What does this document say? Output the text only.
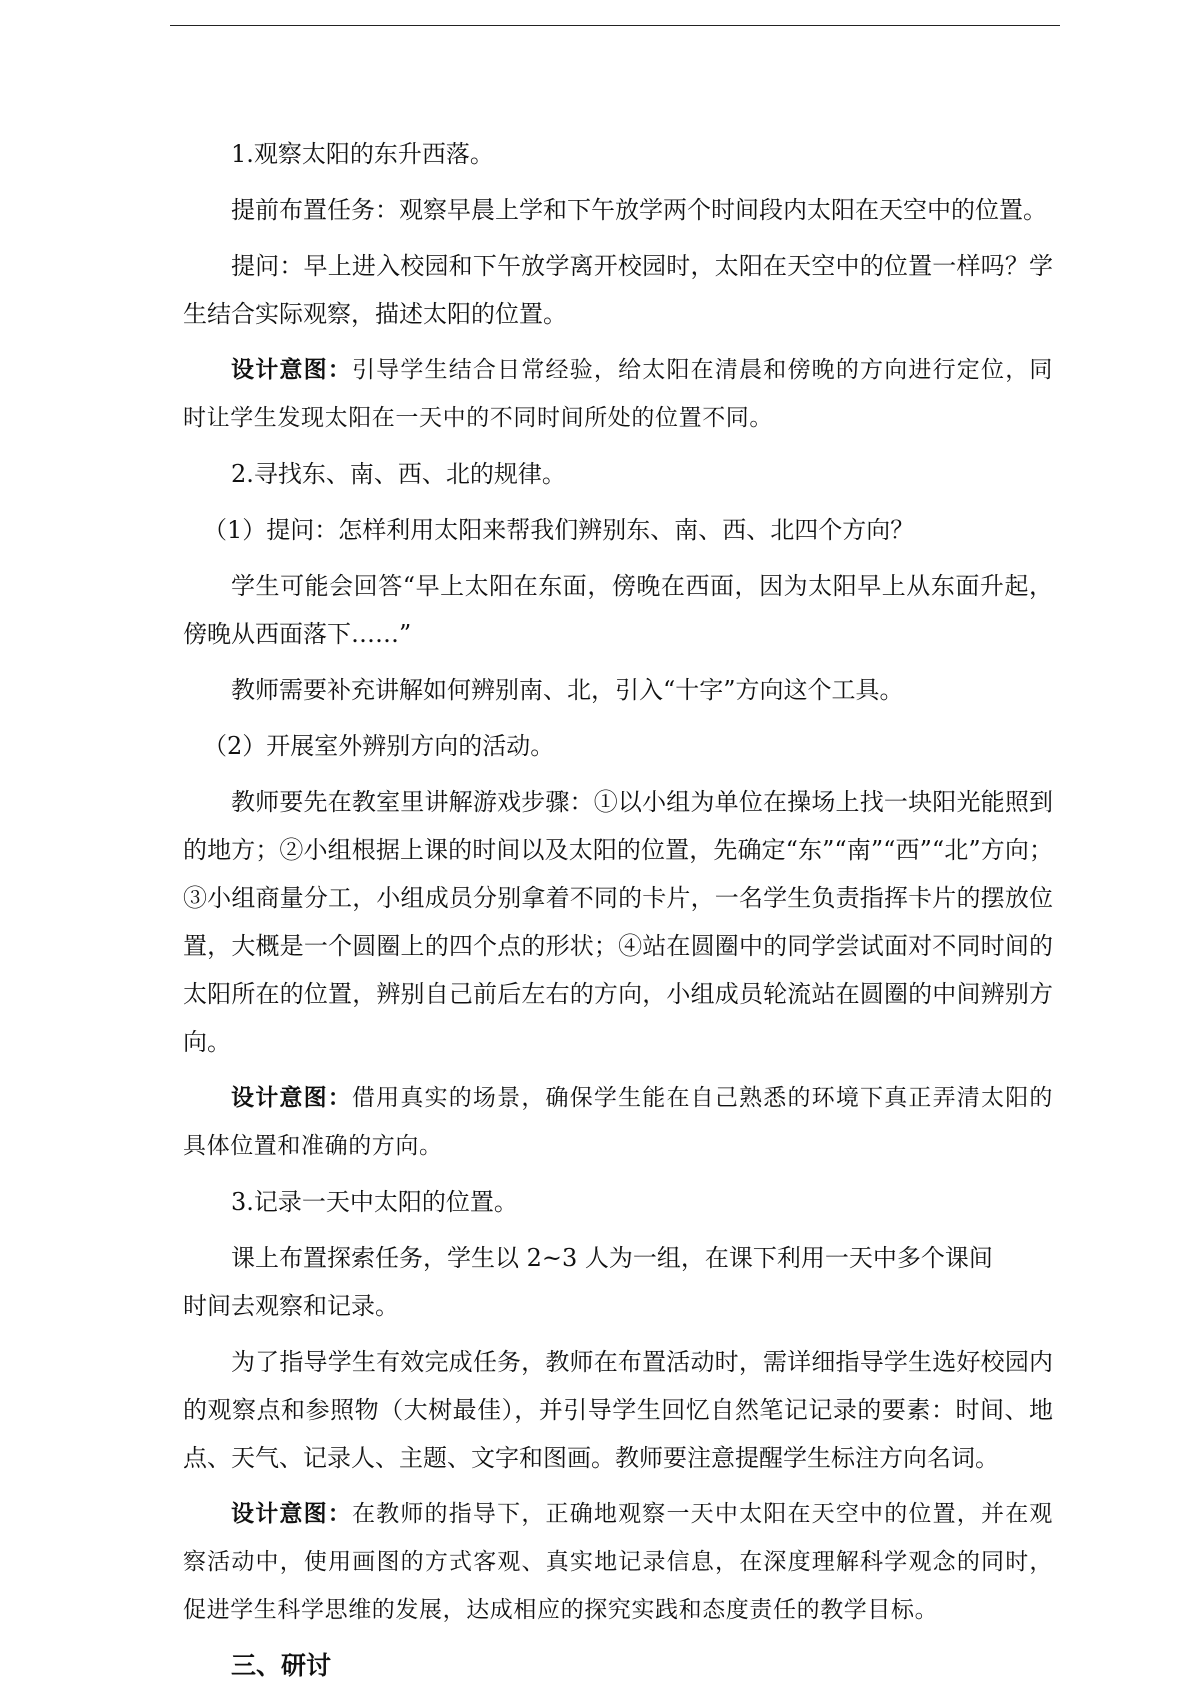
1.观察太阳的东升西落。

提前布置任务：观察早晨上学和下午放学两个时间段内太阳在天空中的位置。

提问：早上进入校园和下午放学离开校园时，太阳在天空中的位置一样吗？学生结合实际观察，描述太阳的位置。

设计意图：引导学生结合日常经验，给太阳在清晨和傍晚的方向进行定位，同时让学生发现太阳在一天中的不同时间所处的位置不同。

2.寻找东、南、西、北的规律。

（1）提问：怎样利用太阳来帮我们辨别东、南、西、北四个方向？

学生可能会回答“早上太阳在东面，傍晚在西面，因为太阳早上从东面升起，傍晚从西面落下……”

教师需要补充讲解如何辨别南、北，引入“十字”方向这个工具。

（2）开展室外辨别方向的活动。

教师要先在教室里讲解游戏步骤：①以小组为单位在操场上找一块阳光能照到的地方；②小组根据上课的时间以及太阳的位置，先确定“东”“南”“西”“北”方向；③小组商量分工，小组成员分别拿着不同的卡片，一名学生负责指挥卡片的摆放位置，大概是一个圆圈上的四个点的形状；④站在圆圈中的同学尝试面对不同时间的太阳所在的位置，辨别自己前后左右的方向，小组成员轮流站在圆圈的中间辨别方向。

设计意图：借用真实的场景，确保学生能在自己熟悉的环境下真正弄清太阳的具体位置和准确的方向。

3.记录一天中太阳的位置。

课上布置探索任务，学生以 2~3 人为一组，在课下利用一天中多个课间
时间去观察和记录。

为了指导学生有效完成任务，教师在布置活动时，需详细指导学生选好校园内的观察点和参照物（大树最佳），并引导学生回忆自然笔记记录的要素：时间、地点、天气、记录人、主题、文字和图画。教师要注意提醒学生标注方向名词。

设计意图：在教师的指导下，正确地观察一天中太阳在天空中的位置，并在观察活动中，使用画图的方式客观、真实地记录信息，在深度理解科学观念的同时，促进学生科学思维的发展，达成相应的探究实践和态度责任的教学目标。

三、研讨
